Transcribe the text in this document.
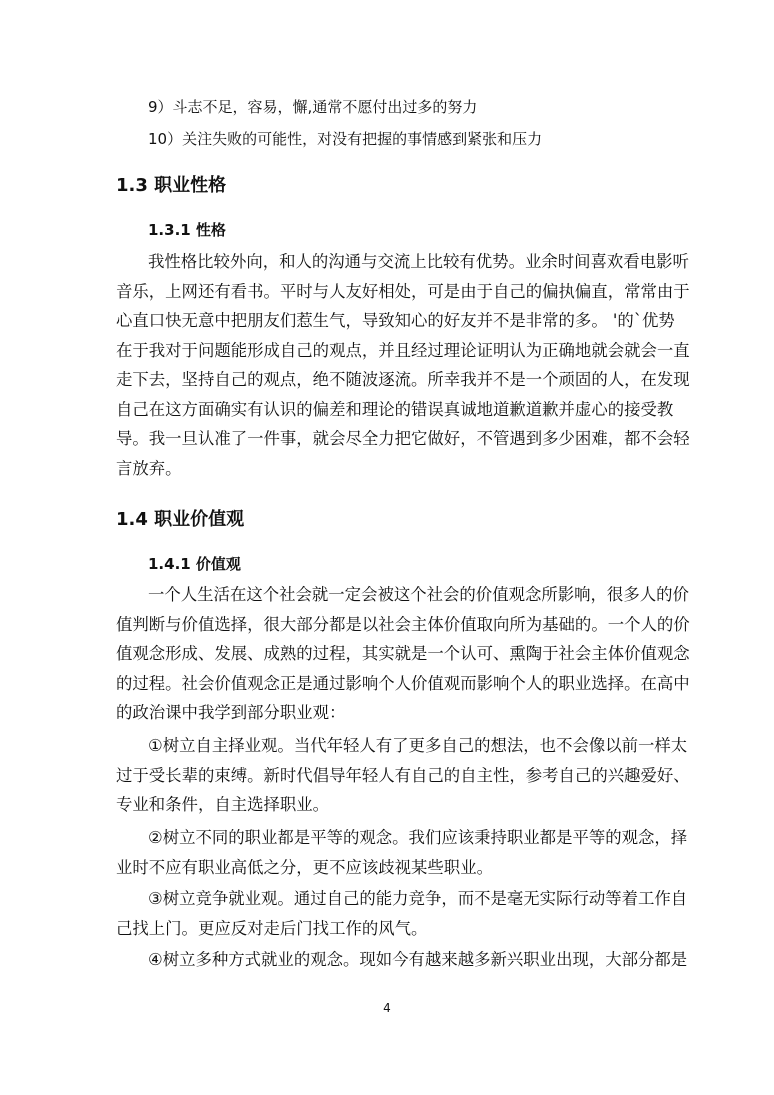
9）斗志不足，容易，懈,通常不愿付出过多的努力
10）关注失败的可能性，对没有把握的事情感到紧张和压力
1.3 职业性格
1.3.1 性格
我性格比较外向，和人的沟通与交流上比较有优势。业余时间喜欢看电影听
音乐，上网还有看书。平时与人友好相处，可是由于自己的偏执偏直，常常由于
心直口快无意中把朋友们惹生气，导致知心的好友并不是非常的多。 '的`优势
在于我对于问题能形成自己的观点，并且经过理论证明认为正确地就会就会一直
走下去，坚持自己的观点，绝不随波逐流。所幸我并不是一个顽固的人，在发现
自己在这方面确实有认识的偏差和理论的错误真诚地道歉道歉并虚心的接受教
导。我一旦认准了一件事，就会尽全力把它做好，不管遇到多少困难，都不会轻
言放弃。
1.4 职业价值观
1.4.1 价值观
一个人生活在这个社会就一定会被这个社会的价值观念所影响，很多人的价
值判断与价值选择，很大部分都是以社会主体价值取向所为基础的。一个人的价
值观念形成、发展、成熟的过程，其实就是一个认可、熏陶于社会主体价值观念
的过程。社会价值观念正是通过影响个人价值观而影响个人的职业选择。在高中
的政治课中我学到部分职业观：
①树立自主择业观。当代年轻人有了更多自己的想法，也不会像以前一样太
过于受长辈的束缚。新时代倡导年轻人有自己的自主性，参考自己的兴趣爱好、
专业和条件，自主选择职业。
②树立不同的职业都是平等的观念。我们应该秉持职业都是平等的观念，择
业时不应有职业高低之分，更不应该歧视某些职业。
③树立竞争就业观。通过自己的能力竞争，而不是毫无实际行动等着工作自
己找上门。更应反对走后门找工作的风气。
④树立多种方式就业的观念。现如今有越来越多新兴职业出现，大部分都是
4
